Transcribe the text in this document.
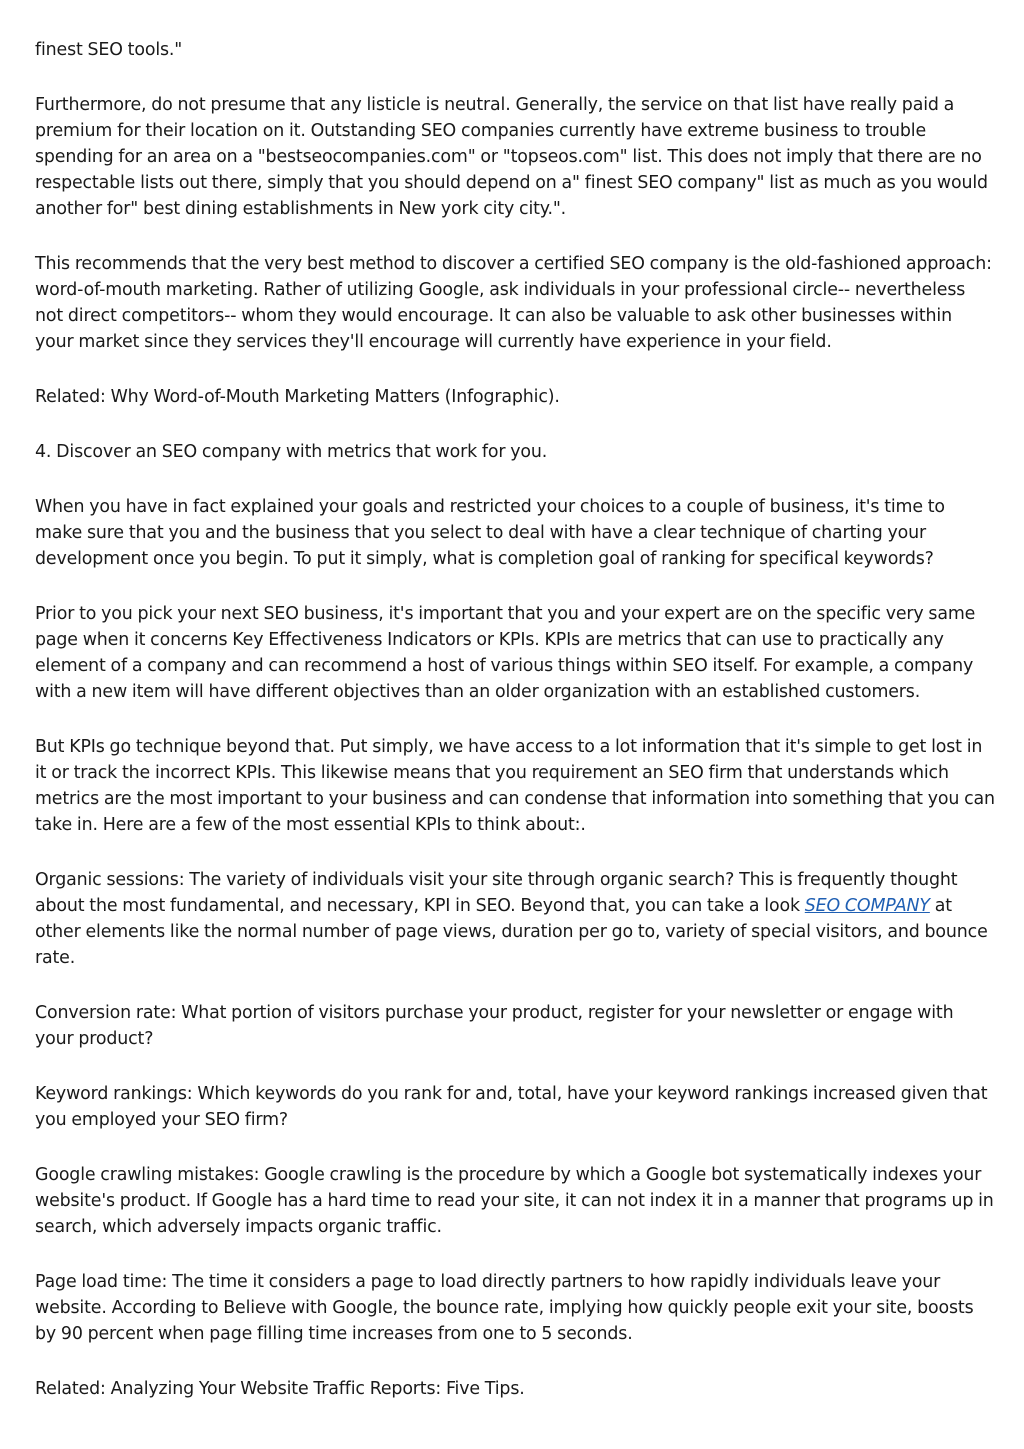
finest SEO tools."

Furthermore, do not presume that any listicle is neutral. Generally, the service on that list have really paid a premium for their location on it. Outstanding SEO companies currently have extreme business to trouble spending for an area on a "bestseocompanies.com" or "topseos.com" list. This does not imply that there are no respectable lists out there, simply that you should depend on a" finest SEO company" list as much as you would another for" best dining establishments in New york city city.".

This recommends that the very best method to discover a certified SEO company is the old-fashioned approach: word-of-mouth marketing. Rather of utilizing Google, ask individuals in your professional circle-- nevertheless not direct competitors-- whom they would encourage. It can also be valuable to ask other businesses within your market since they services they'll encourage will currently have experience in your field.

Related: Why Word-of-Mouth Marketing Matters (Infographic).

4. Discover an SEO company with metrics that work for you.

When you have in fact explained your goals and restricted your choices to a couple of business, it's time to make sure that you and the business that you select to deal with have a clear technique of charting your development once you begin. To put it simply, what is completion goal of ranking for specifical keywords?

Prior to you pick your next SEO business, it's important that you and your expert are on the specific very same page when it concerns Key Effectiveness Indicators or KPIs. KPIs are metrics that can use to practically any element of a company and can recommend a host of various things within SEO itself. For example, a company with a new item will have different objectives than an older organization with an established customers.

But KPIs go technique beyond that. Put simply, we have access to a lot information that it's simple to get lost in it or track the incorrect KPIs. This likewise means that you requirement an SEO firm that understands which metrics are the most important to your business and can condense that information into something that you can take in. Here are a few of the most essential KPIs to think about:.

Organic sessions: The variety of individuals visit your site through organic search? This is frequently thought about the most fundamental, and necessary, KPI in SEO. Beyond that, you can take a look SEO COMPANY at other elements like the normal number of page views, duration per go to, variety of special visitors, and bounce rate.

Conversion rate: What portion of visitors purchase your product, register for your newsletter or engage with your product?

Keyword rankings: Which keywords do you rank for and, total, have your keyword rankings increased given that you employed your SEO firm?

Google crawling mistakes: Google crawling is the procedure by which a Google bot systematically indexes your website's product. If Google has a hard time to read your site, it can not index it in a manner that programs up in search, which adversely impacts organic traffic.

Page load time: The time it considers a page to load directly partners to how rapidly individuals leave your website. According to Believe with Google, the bounce rate, implying how quickly people exit your site, boosts by 90 percent when page filling time increases from one to 5 seconds.

Related: Analyzing Your Website Traffic Reports: Five Tips.
